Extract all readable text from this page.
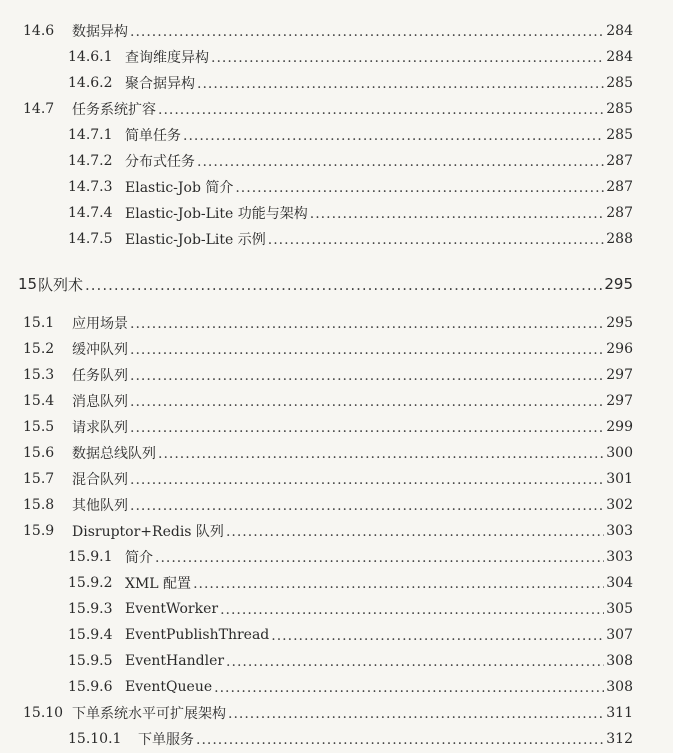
14.6	数据异构 .....	284
14.6.1 查询维度异构 .....	284
14.6.2 聚合据异构 .....	285
14.7	任务系统扩容 .....	285
14.7.1 简单任务 .....	285
14.7.2 分布式任务 .....	287
14.7.3 Elastic-Job 简介 .....	287
14.7.4 Elastic-Job-Lite 功能与架构 .....	287
14.7.5 Elastic-Job-Lite 示例 .....	288
15 队列术 .....	295
15.1	应用场景 .....	295
15.2	缓冲队列 .....	296
15.3	任务队列 .....	297
15.4	消息队列 .....	297
15.5	请求队列 .....	299
15.6	数据总线队列 .....	300
15.7	混合队列 .....	301
15.8	其他队列 .....	302
15.9	Disruptor+Redis 队列 .....	303
15.9.1 简介 .....	303
15.9.2 XML 配置 .....	304
15.9.3 EventWorker .....	305
15.9.4 EventPublishThread .....	307
15.9.5 EventHandler .....	308
15.9.6 EventQueue .....	308
15.10 下单系统水平可扩展架构 .....	311
15.10.1	下单服务 .....	312
